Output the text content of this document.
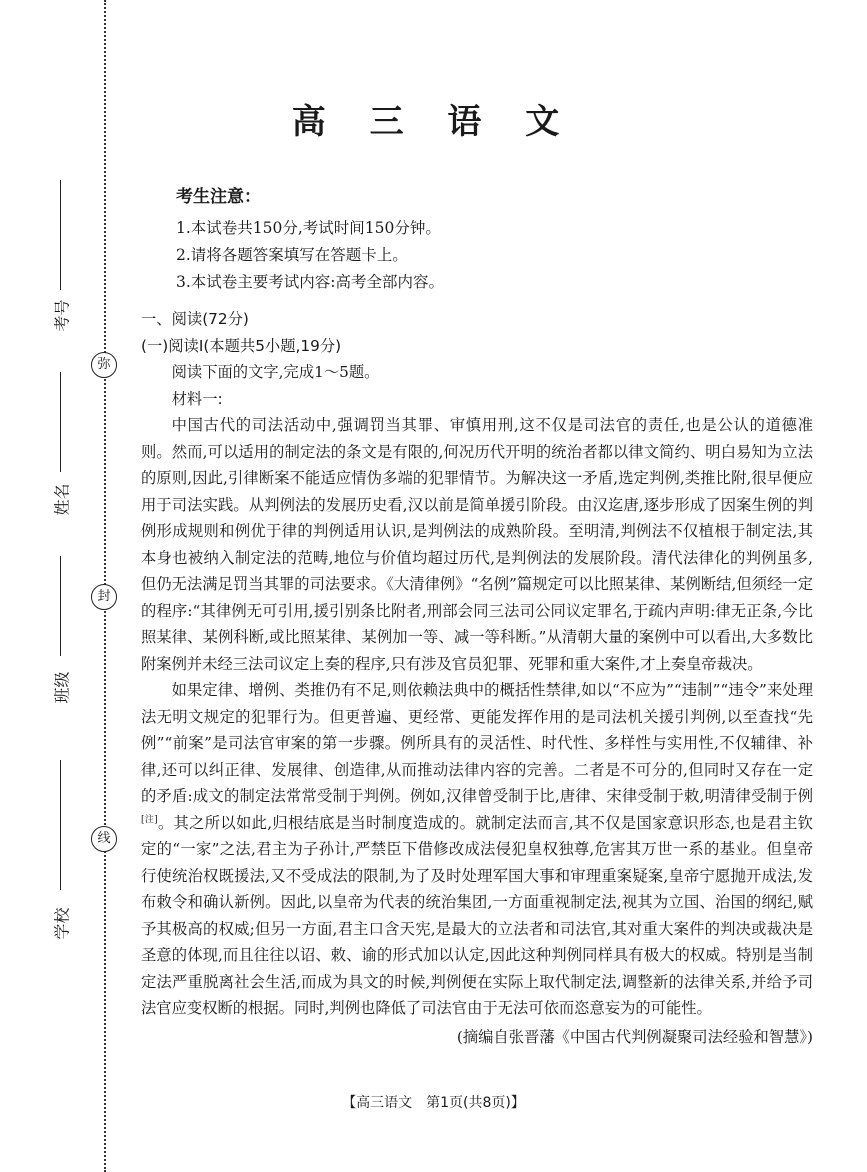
弥
封
线
考号
姓名
班级
学校
高 三 语 文
考生注意：
1.本试卷共150分,考试时间150分钟。
2.请将各题答案填写在答题卡上。
3.本试卷主要考试内容:高考全部内容。

一、阅读(72分)

(一)阅读Ⅰ(本题共5小题,19分)

阅读下面的文字,完成1～5题。

材料一:

中国古代的司法活动中,强调罚当其罪、审慎用刑,这不仅是司法官的责任,也是公认的道德准则。然而,可以适用的制定法的条文是有限的,何况历代开明的统治者都以律文简约、明白易知为立法的原则,因此,引律断案不能适应情伪多端的犯罪情节。为解决这一矛盾,选定判例,类推比附,很早便应用于司法实践。从判例法的发展历史看,汉以前是简单援引阶段。由汉迄唐,逐步形成了因案生例的判例形成规则和例优于律的判例适用认识,是判例法的成熟阶段。至明清,判例法不仅植根于制定法,其本身也被纳入制定法的范畴,地位与价值均超过历代,是判例法的发展阶段。清代法律化的判例虽多,但仍无法满足罚当其罪的司法要求。《大清律例》“名例”篇规定可以比照某律、某例断结,但须经一定的程序:“其律例无可引用,援引别条比附者,刑部会同三法司公同议定罪名,于疏内声明:律无正条,今比照某律、某例科断,或比照某律、某例加一等、减一等科断。”从清朝大量的案例中可以看出,大多数比附案例并未经三法司议定上奏的程序,只有涉及官员犯罪、死罪和重大案件,才上奏皇帝裁决。

如果定律、增例、类推仍有不足,则依赖法典中的概括性禁律,如以“不应为”“违制”“违令”来处理法无明文规定的犯罪行为。但更普遍、更经常、更能发挥作用的是司法机关援引判例,以至查找“先例”“前案”是司法官审案的第一步骤。例所具有的灵活性、时代性、多样性与实用性,不仅辅律、补律,还可以纠正律、发展律、创造律,从而推动法律内容的完善。二者是不可分的,但同时又存在一定的矛盾:成文的制定法常常受制于判例。例如,汉律曾受制于比,唐律、宋律受制于敕,明清律受制于例[注]。其之所以如此,归根结底是当时制度造成的。就制定法而言,其不仅是国家意识形态,也是君主钦定的“一家”之法,君主为子孙计,严禁臣下借修改成法侵犯皇权独尊,危害其万世一系的基业。但皇帝行使统治权既援法,又不受成法的限制,为了及时处理军国大事和审理重案疑案,皇帝宁愿抛开成法,发布敕令和确认新例。因此,以皇帝为代表的统治集团,一方面重视制定法,视其为立国、治国的纲纪,赋予其极高的权威;但另一方面,君主口含天宪,是最大的立法者和司法官,其对重大案件的判决或裁决是圣意的体现,而且往往以诏、敕、谕的形式加以认定,因此这种判例同样具有极大的权威。特别是当制定法严重脱离社会生活,而成为具文的时候,判例便在实际上取代制定法,调整新的法律关系,并给予司法官应变权断的根据。同时,判例也降低了司法官由于无法可依而恣意妄为的可能性。

(摘编自张晋藩《中国古代判例凝聚司法经验和智慧》)

【高三语文　第1页(共8页)】
